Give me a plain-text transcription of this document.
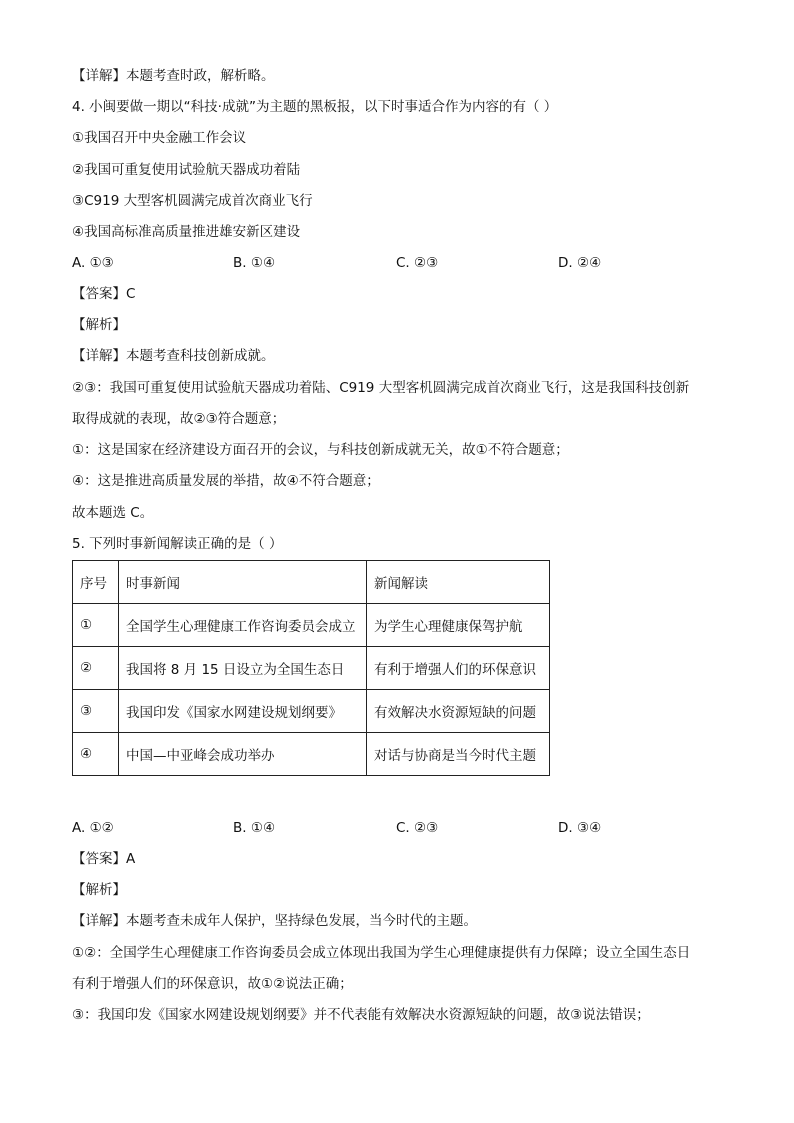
【详解】本题考查时政，解析略。
4. 小闽要做一期以“科技·成就”为主题的黑板报，以下时事适合作为内容的有（ ）
①我国召开中央金融工作会议
②我国可重复使用试验航天器成功着陆
③C919 大型客机圆满完成首次商业飞行
④我国高标准高质量推进雄安新区建设
A. ①③	B. ①④	C. ②③	D. ②④
【答案】C
【解析】
【详解】本题考查科技创新成就。
②③：我国可重复使用试验航天器成功着陆、C919 大型客机圆满完成首次商业飞行，这是我国科技创新
取得成就的表现，故②③符合题意；
①：这是国家在经济建设方面召开的会议，与科技创新成就无关，故①不符合题意；
④：这是推进高质量发展的举措，故④不符合题意；
故本题选 C。
5. 下列时事新闻解读正确的是（ ）
序号	时事新闻	新闻解读
①	全国学生心理健康工作咨询委员会成立	为学生心理健康保驾护航
②	我国将 8 月 15 日设立为全国生态日	有利于增强人们的环保意识
③	我国印发《国家水网建设规划纲要》	有效解决水资源短缺的问题
④	中国—中亚峰会成功举办	对话与协商是当今时代主题
A. ①②	B. ①④	C. ②③	D. ③④
【答案】A
【解析】
【详解】本题考查未成年人保护，坚持绿色发展，当今时代的主题。
①②：全国学生心理健康工作咨询委员会成立体现出我国为学生心理健康提供有力保障；设立全国生态日
有利于增强人们的环保意识，故①②说法正确；
③：我国印发《国家水网建设规划纲要》并不代表能有效解决水资源短缺的问题，故③说法错误；
